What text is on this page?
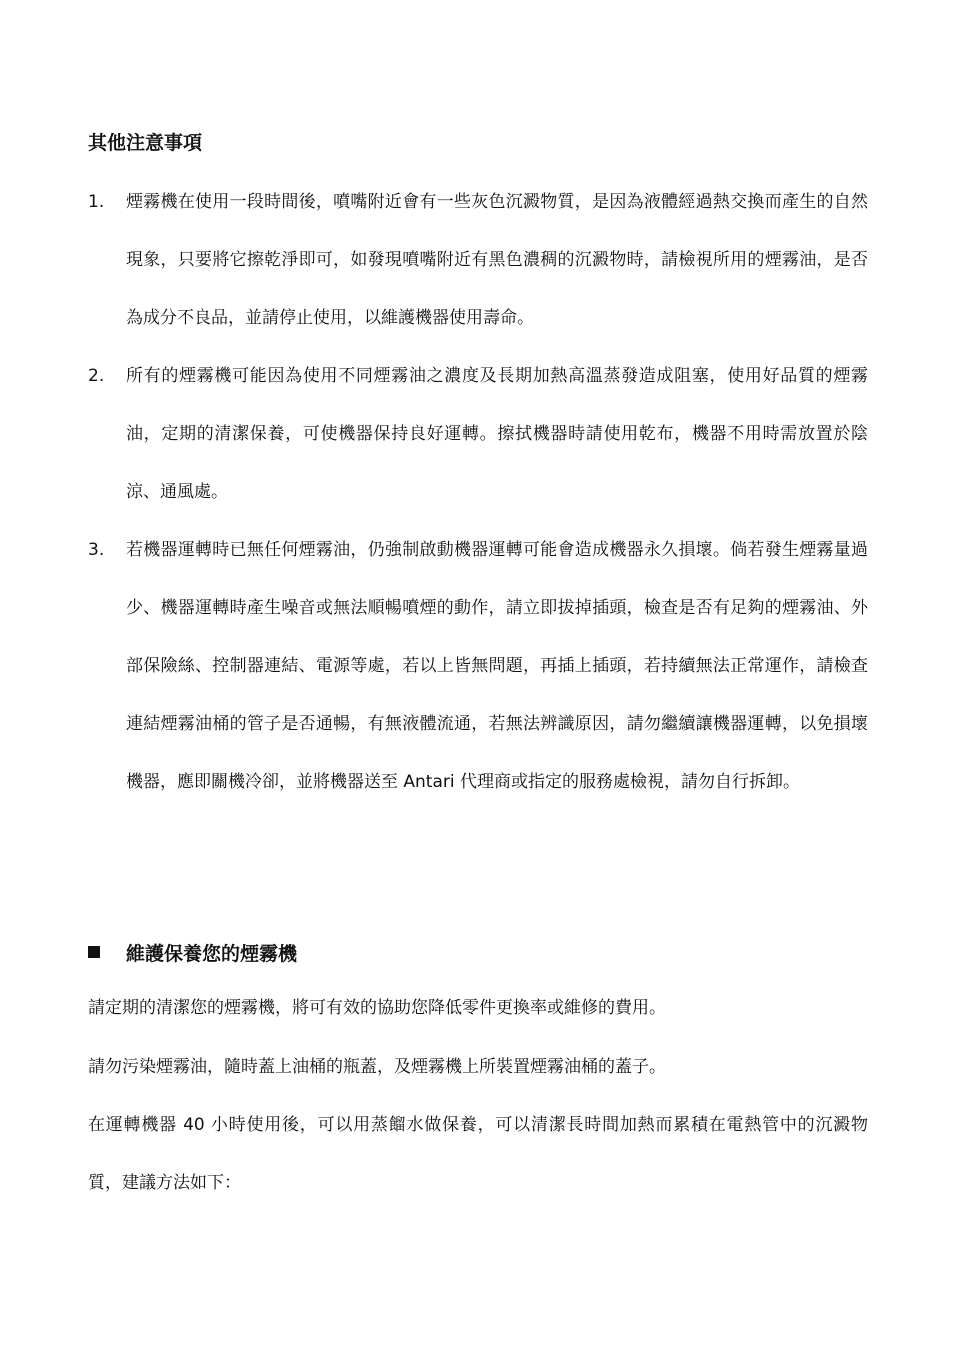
其他注意事項
1. 煙霧機在使用一段時間後，噴嘴附近會有一些灰色沉澱物質，是因為液體經過熱交換而產生的自然現象，只要將它擦乾淨即可，如發現噴嘴附近有黑色濃稠的沉澱物時，請檢視所用的煙霧油，是否為成分不良品，並請停止使用，以維護機器使用壽命。
2. 所有的煙霧機可能因為使用不同煙霧油之濃度及長期加熱高溫蒸發造成阻塞，使用好品質的煙霧油，定期的清潔保養，可使機器保持良好運轉。擦拭機器時請使用乾布，機器不用時需放置於陰涼、通風處。
3. 若機器運轉時已無任何煙霧油，仍強制啟動機器運轉可能會造成機器永久損壞。倘若發生煙霧量過少、機器運轉時產生噪音或無法順暢噴煙的動作，請立即拔掉插頭，檢查是否有足夠的煙霧油、外部保險絲、控制器連結、電源等處，若以上皆無問題，再插上插頭，若持續無法正常運作，請檢查連結煙霧油桶的管子是否通暢，有無液體流通，若無法辨識原因，請勿繼續讓機器運轉，以免損壞機器，應即關機冷卻，並將機器送至 Antari 代理商或指定的服務處檢視，請勿自行拆卸。
維護保養您的煙霧機
請定期的清潔您的煙霧機，將可有效的協助您降低零件更換率或維修的費用。
請勿污染煙霧油，隨時蓋上油桶的瓶蓋，及煙霧機上所裝置煙霧油桶的蓋子。
在運轉機器 40 小時使用後，可以用蒸餾水做保養，可以清潔長時間加熱而累積在電熱管中的沉澱物質，建議方法如下：
